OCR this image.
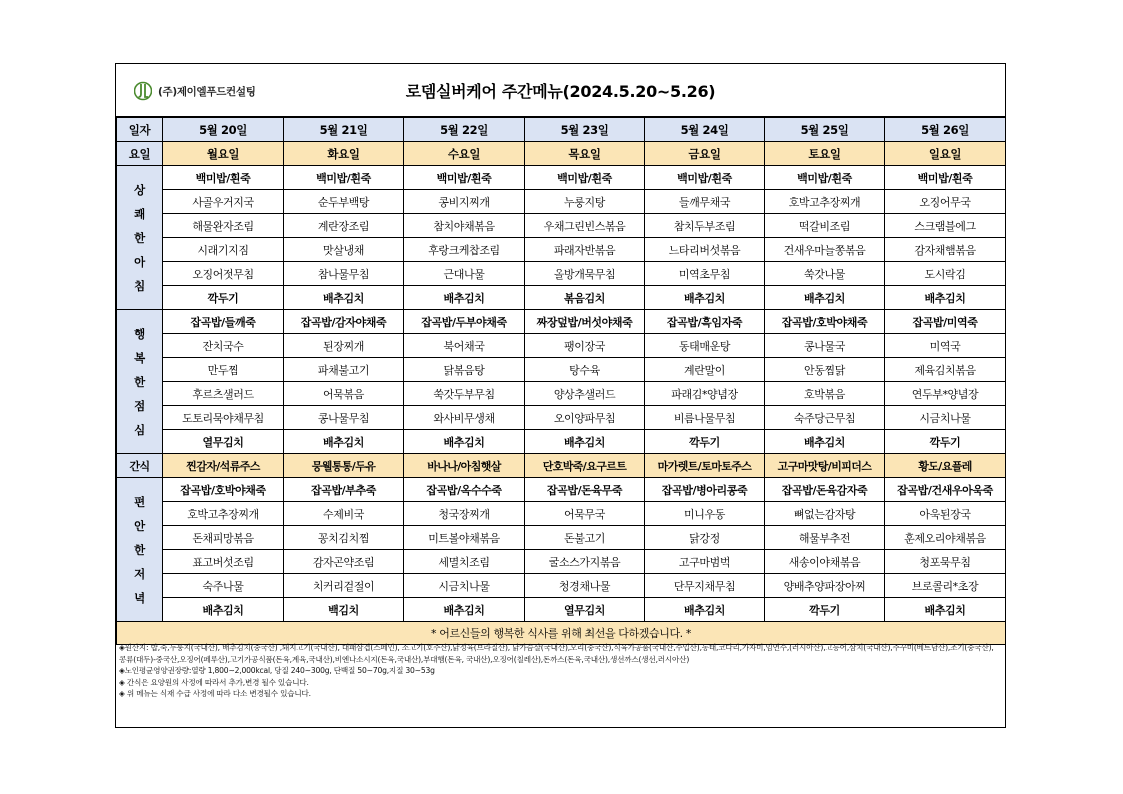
(주)제이엘푸드컨설팅	로뎀실버케어 주간메뉴(2024.5.20~5.26)
일자	5월 20일	5월 21일	5월 22일	5월 23일	5월 24일	5월 25일	5월 26일
요일	월요일	화요일	수요일	목요일	금요일	토요일	일요일

상쾌한아침	백미밥/흰죽	백미밥/흰죽	백미밥/흰죽	백미밥/흰죽	백미밥/흰죽	백미밥/흰죽	백미밥/흰죽
	사골우거지국	순두부백탕	콩비지찌개	누룽지탕	들깨무채국	호박고추장찌개	오징어무국
	해물완자조림	계란장조림	참치야채볶음	우채그린빈스볶음	참치두부조림	떡갈비조림	스크램블에그
	시래기지짐	맛살냉채	후랑크케찹조림	파래자반볶음	느타리버섯볶음	건새우마늘쫑볶음	감자채햄볶음
	오징어젓무침	참나물무침	근대나물	올방개묵무침	미역초무침	쑥갓나물	도시락김
	깍두기	배추김치	배추김치	볶음김치	배추김치	배추김치	배추김치

행복한점심	잡곡밥/들깨죽	잡곡밥/감자야채죽	잡곡밥/두부야채죽	짜장덮밥/버섯야채죽	잡곡밥/흑임자죽	잡곡밥/호박야채죽	잡곡밥/미역죽
	잔치국수	된장찌개	북어채국	팽이장국	동태매운탕	콩나물국	미역국
	만두찜	파채불고기	닭볶음탕	탕수육	계란말이	안동찜닭	제육김치볶음
	후르츠샐러드	어묵볶음	쑥갓두부무침	양상추샐러드	파래김*양념장	호박볶음	연두부*양념장
	도토리묵야채무침	콩나물무침	와사비무생채	오이양파무침	비름나물무침	숙주당근무침	시금치나물
	열무김치	배추김치	배추김치	배추김치	깍두기	배추김치	깍두기
간식	찐감자/석류주스	뭉웰통통/두유	바나나/아침햇살	단호박죽/요구르트	마가렛트/토마토주스	고구마맛탕/비피더스	황도/요플레

편안한저녁	잡곡밥/호박야채죽	잡곡밥/부추죽	잡곡밥/옥수수죽	잡곡밥/돈육무죽	잡곡밥/병아리콩죽	잡곡밥/돈육감자죽	잡곡밥/건새우아욱죽
	호박고추장찌개	수제비국	청국장찌개	어묵무국	미니우동	뼈없는감자탕	아욱된장국
	돈채피망볶음	꽁치김치찜	미트볼야채볶음	돈불고기	닭강정	해물부추전	훈제오리야채볶음
	표고버섯조림	감자곤약조림	세멸치조림	굴소스가지볶음	고구마범벅	새송이야채볶음	청포묵무침
	숙주나물	치커리겉절이	시금치나물	청경채나물	단무지채무침	양배추양파장아찌	브로콜리*초장
	배추김치	백김치	배추김치	열무김치	배추김치	깍두기	배추김치
* 어르신들의 행복한 식사를 위해 최선을 다하겠습니다. *							

◈원산지: 밥,죽,누룽지(국내산), 배추김치(중국산) ,돼지고기(국내산), 대패삼겹(스페인), 소고기(호주산),닭정육(브라질산), 닭가슴살(국내산),오리(중국산),식육가공품(국내산,수입산),동태,코다리,가자미,임연수,(러시아산),고등어,삼치(국내산),주꾸미(베트남산),조기(중국산),콩류(대두)-중국산,오징어(페루산),고기가공식품(돈육,계육,국내산),비엔나소시지(돈육,국내산),부대햄(돈육, 국내산),오징어(칠레산),돈까스(돈육,국내산),생선까스(생선,러시아산)

◈노인평균영양권장량:열량 1,800~2,000kcal, 당질 240~300g, 단백질 50~70g,지질 30~53g

◈ 간식은 요양원의 사정에 따라서 추가,변경 될수 있습니다.

◈ 위 메뉴는 식재 수급 사정에 따라 다소 변경될수 있습니다.
